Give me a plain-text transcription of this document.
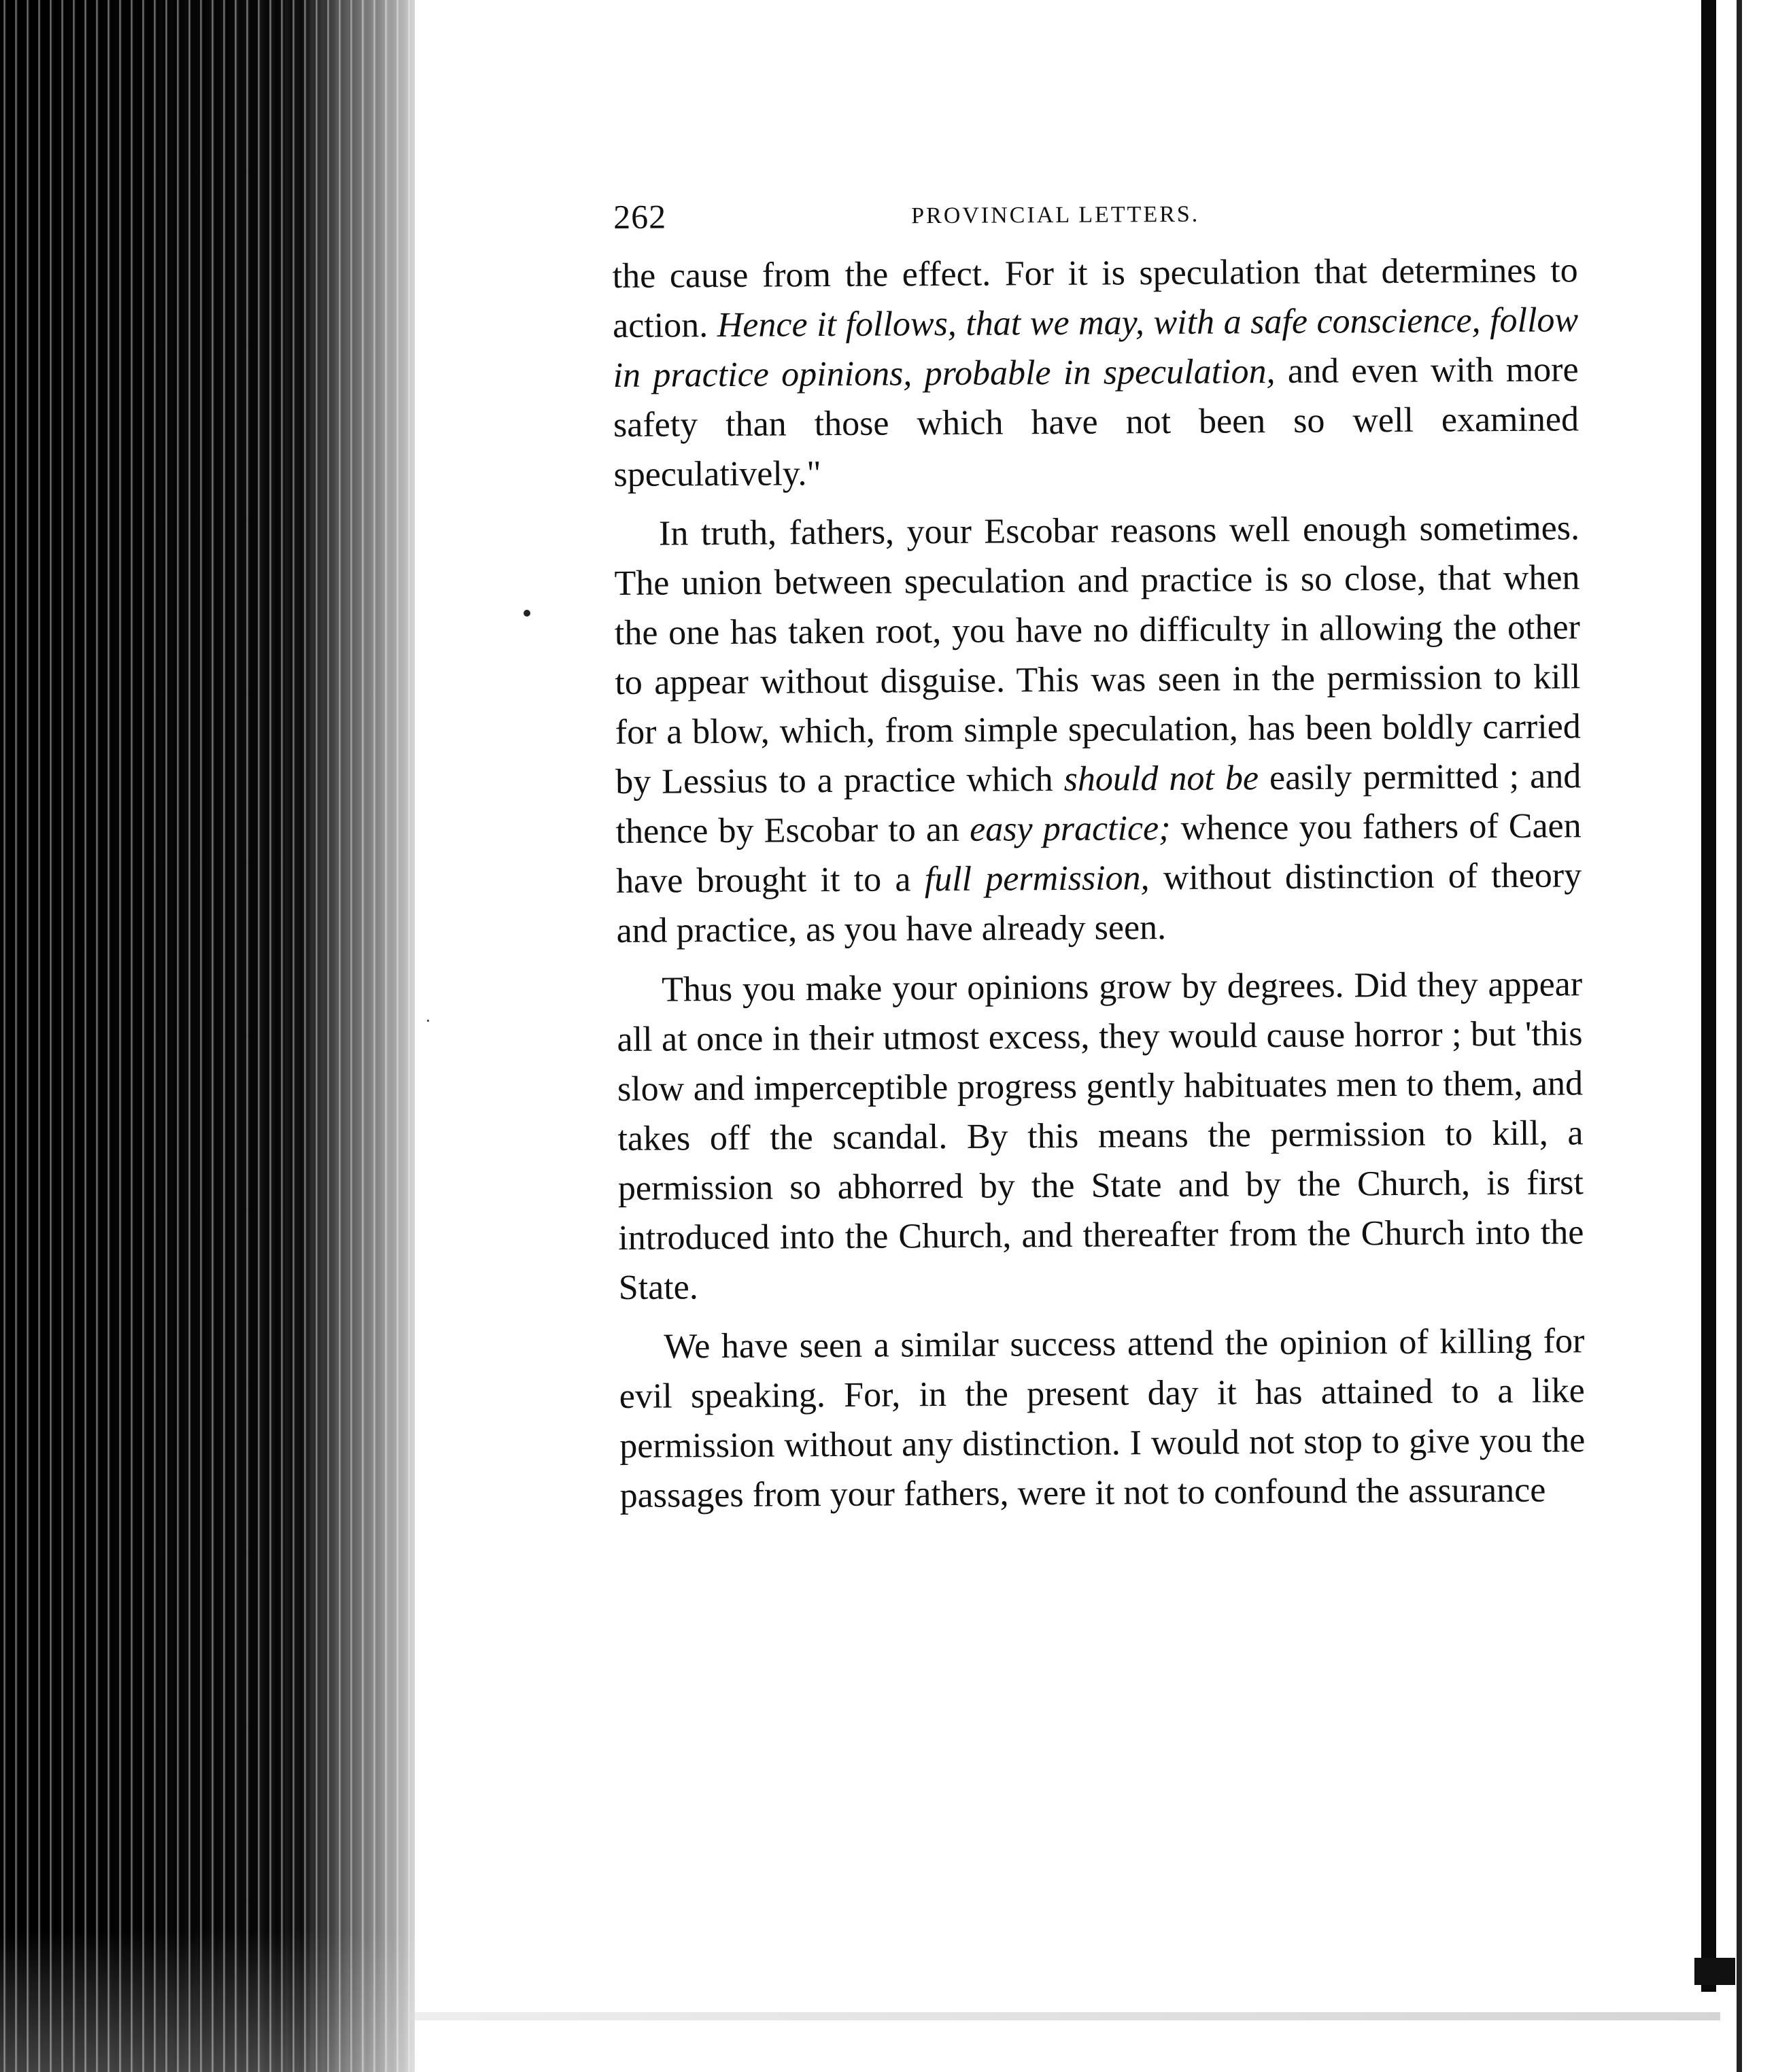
262	PROVINCIAL LETTERS.

the cause from the effect. For it is speculation that determines to action. Hence it follows, that we may, with a safe conscience, follow in practice opinions, probable in speculation, and even with more safety than those which have not been so well examined speculatively."

In truth, fathers, your Escobar reasons well enough sometimes. The union between speculation and practice is so close, that when the one has taken root, you have no difficulty in allowing the other to appear without disguise. This was seen in the permission to kill for a blow, which, from simple speculation, has been boldly carried by Lessius to a practice which should not be easily permitted ; and thence by Escobar to an easy practice; whence you fathers of Caen have brought it to a full permission, without distinction of theory and practice, as you have already seen.

Thus you make your opinions grow by degrees. Did they appear all at once in their utmost excess, they would cause horror ; but 'this slow and imperceptible progress gently habituates men to them, and takes off the scandal. By this means the permission to kill, a permission so abhorred by the State and by the Church, is first introduced into the Church, and thereafter from the Church into the State.

We have seen a similar success attend the opinion of killing for evil speaking. For, in the present day it has attained to a like permission without any distinction. I would not stop to give you the passages from your fathers, were it not to confound the assurance
